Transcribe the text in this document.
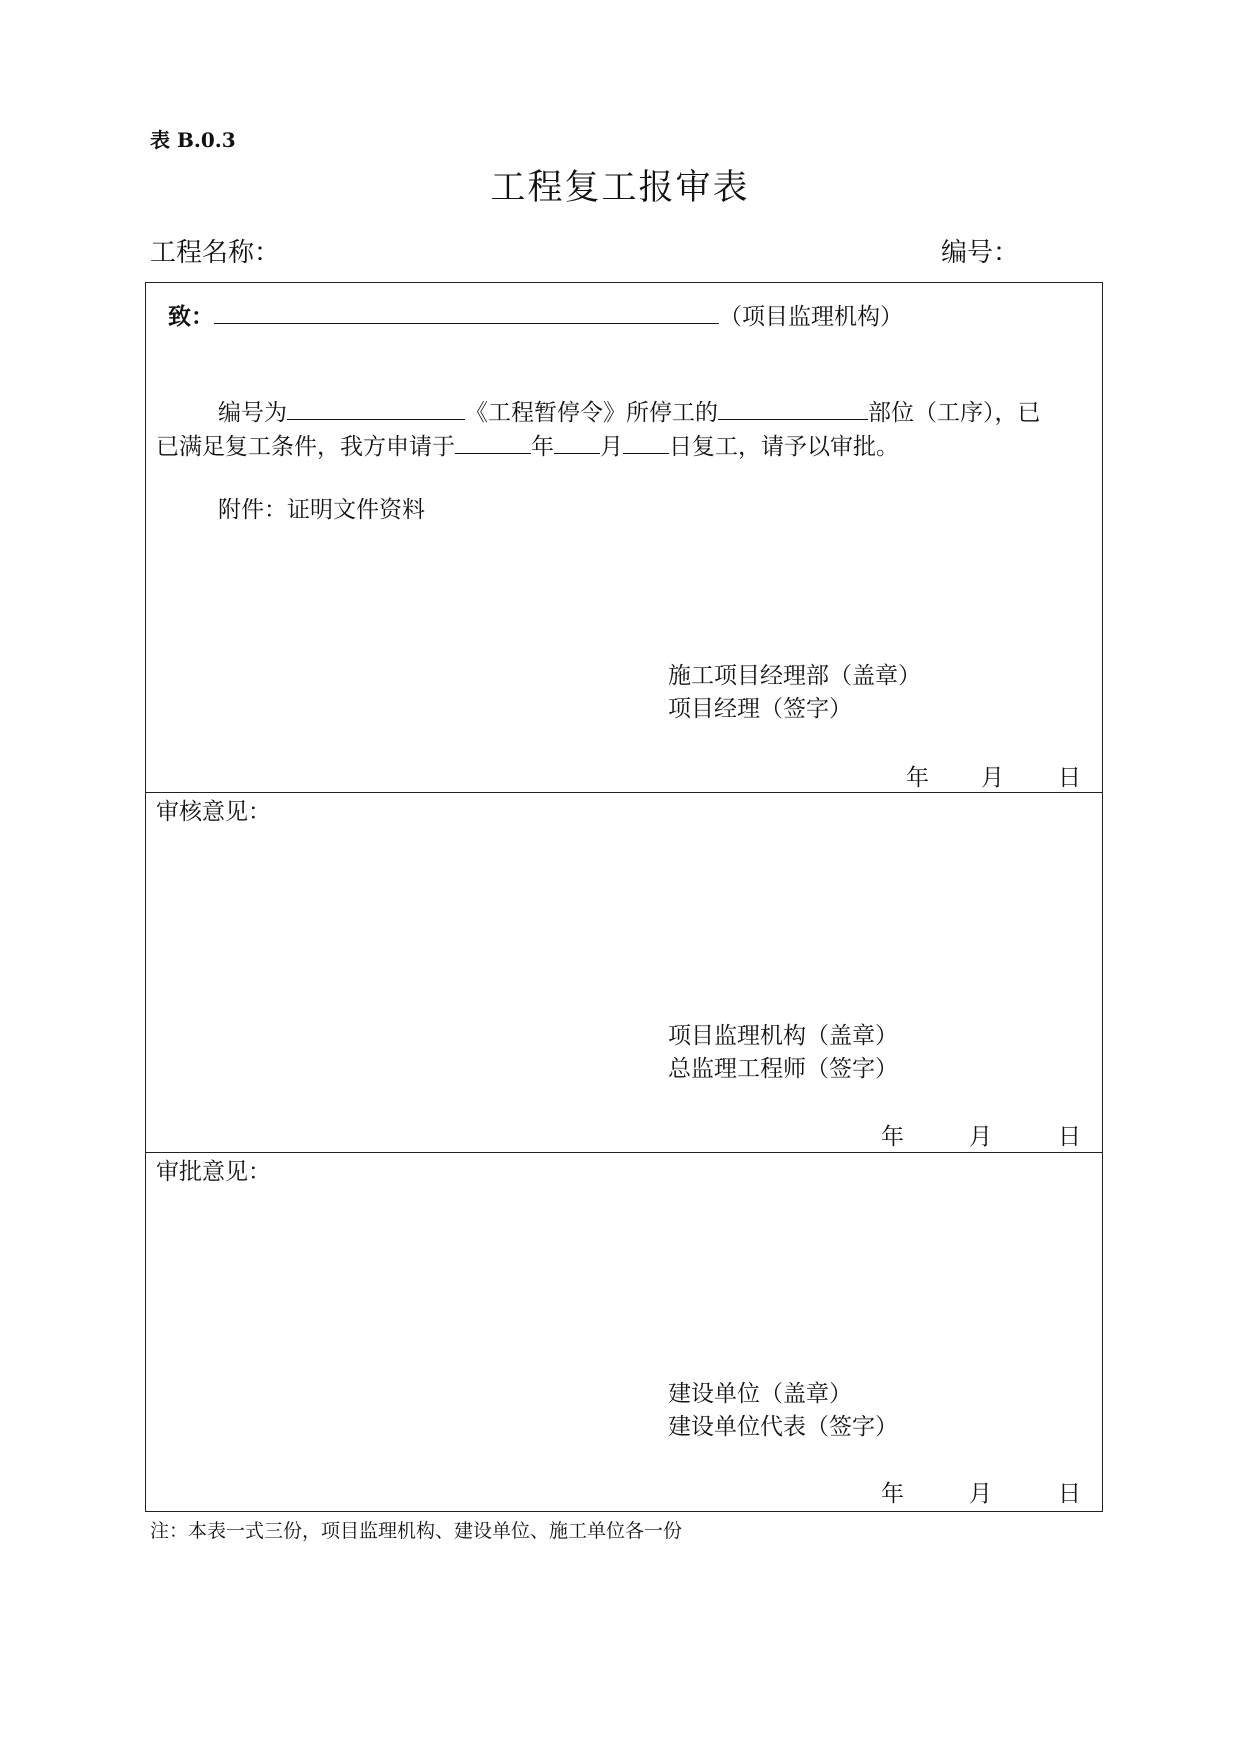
表 B.0.3
工程复工报审表
工程名称：	编号：
致：	（项目监理机构）
编号为	《工程暂停令》所停工的	部位（工序），已
已满足复工条件，我方申请于	年 月 日复工，请予以审批。
附件：证明文件资料
施工项目经理部（盖章）
项目经理（签字）
年 月 日
审核意见：
项目监理机构（盖章）
总监理工程师（签字）
年	月	日
审批意见：
建设单位（盖章）
建设单位代表（签字）
年	月	日
注：本表一式三份，项目监理机构、建设单位、施工单位各一份
